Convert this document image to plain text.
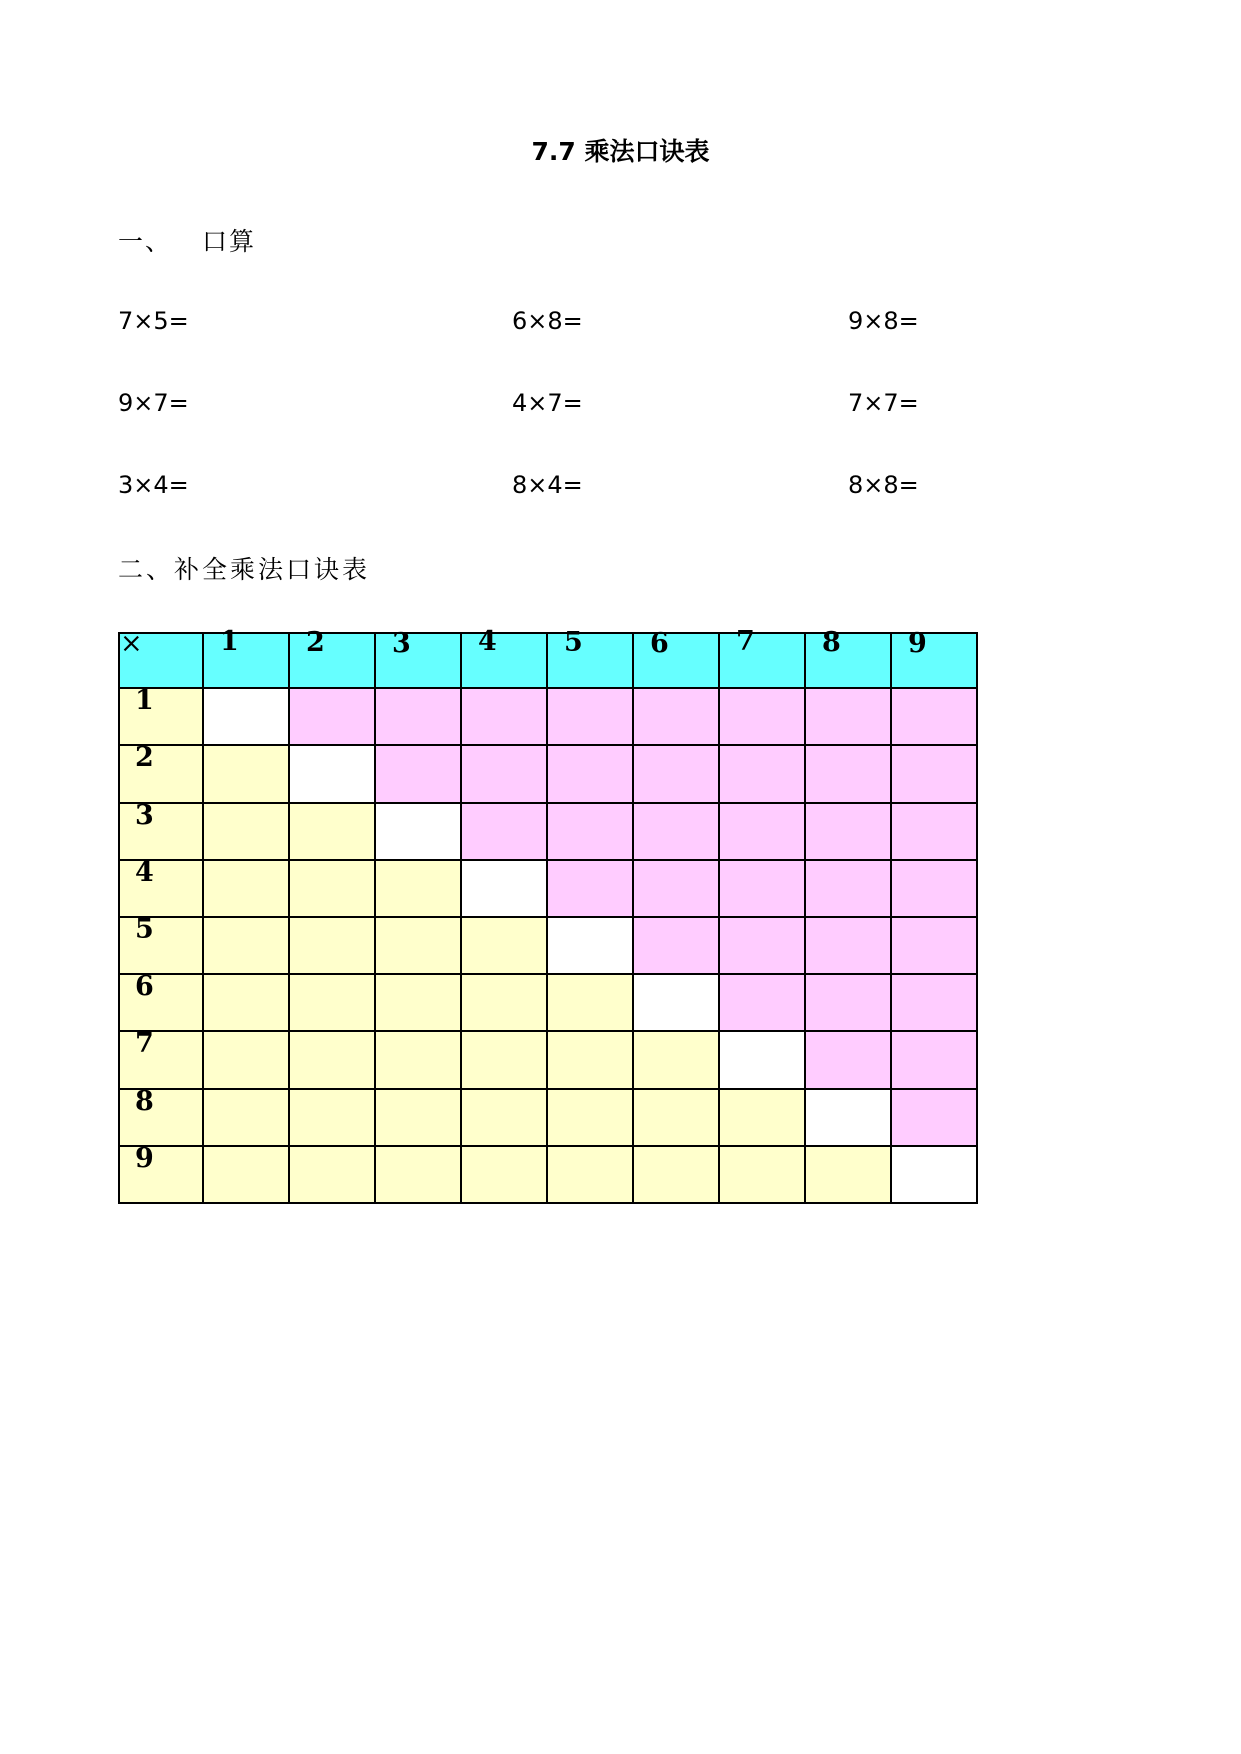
7.7 乘法口诀表
一、 口算
7×5=	6×8=	9×8=
9×7=	4×7=	7×7=
3×4=	8×4=	8×8=
二、补全乘法口诀表
×	1 2 3 4 5 6 7 8 9
1
2
3
4
5
6
7
8
9
